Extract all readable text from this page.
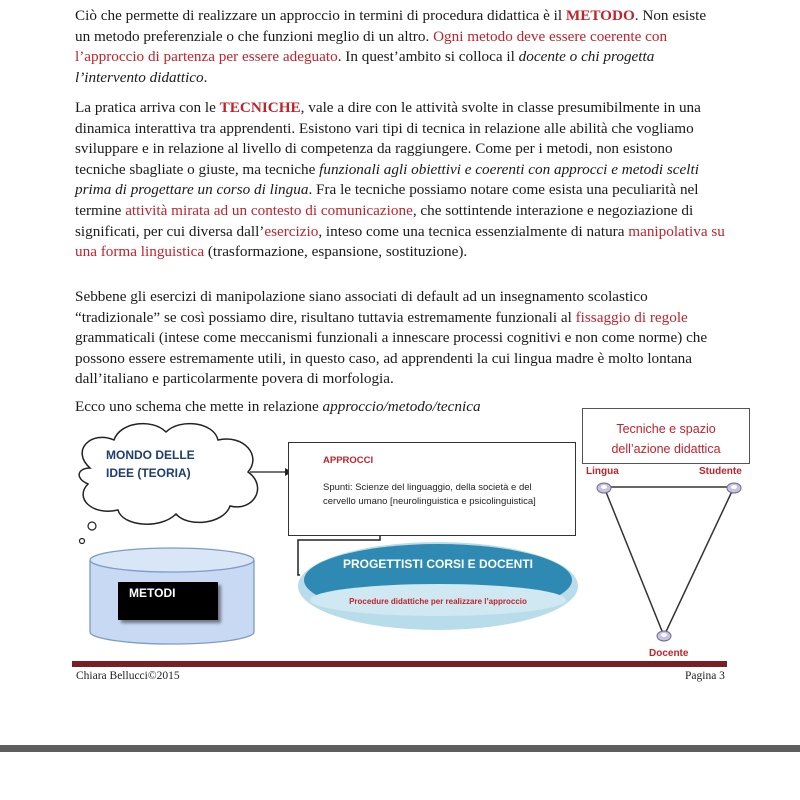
Ciò che permette di realizzare un approccio in termini di procedura didattica è il METODO. Non esiste un metodo preferenziale o che funzioni meglio di un altro. Ogni metodo deve essere coerente con l’approccio di partenza per essere adeguato. In quest’ambito si colloca il docente o chi progetta l’intervento didattico.

La pratica arriva con le TECNICHE, vale a dire con le attività svolte in classe presumibilmente in una dinamica interattiva tra apprendenti. Esistono vari tipi di tecnica in relazione alle abilità che vogliamo sviluppare e in relazione al livello di competenza da raggiungere. Come per i metodi, non esistono tecniche sbagliate o giuste, ma tecniche funzionali agli obiettivi e coerenti con approcci e metodi scelti prima di progettare un corso di lingua. Fra le tecniche possiamo notare come esista una peculiarità nel termine attività mirata ad un contesto di comunicazione, che sottintende interazione e negoziazione di significati, per cui diversa dall’esercizio, inteso come una tecnica essenzialmente di natura manipolativa su una forma linguistica (trasformazione, espansione, sostituzione).

Sebbene gli esercizi di manipolazione siano associati di default ad un insegnamento scolastico “tradizionale” se così possiamo dire, risultano tuttavia estremamente funzionali al fissaggio di regole grammaticali (intese come meccanismi funzionali a innescare processi cognitivi e non come norme) che possono essere estremamente utili, in questo caso, ad apprendenti la cui lingua madre è molto lontana dall’italiano e particolarmente povera di morfologia.

Ecco uno schema che mette in relazione approccio/metodo/tecnica

MONDO DELLE
IDEE (TEORIA)
APPROCCI
Spunti: Scienze del linguaggio, della società e del cervello umano [neurolinguistica e psicolinguistica]
METODI
PROGETTISTI CORSI E DOCENTI
Procedure didattiche per realizzare l’approccio
Tecniche e spazio
dell’azione didattica
Lingua	Studente
Docente
Chiara Bellucci©2015	Pagina 3
